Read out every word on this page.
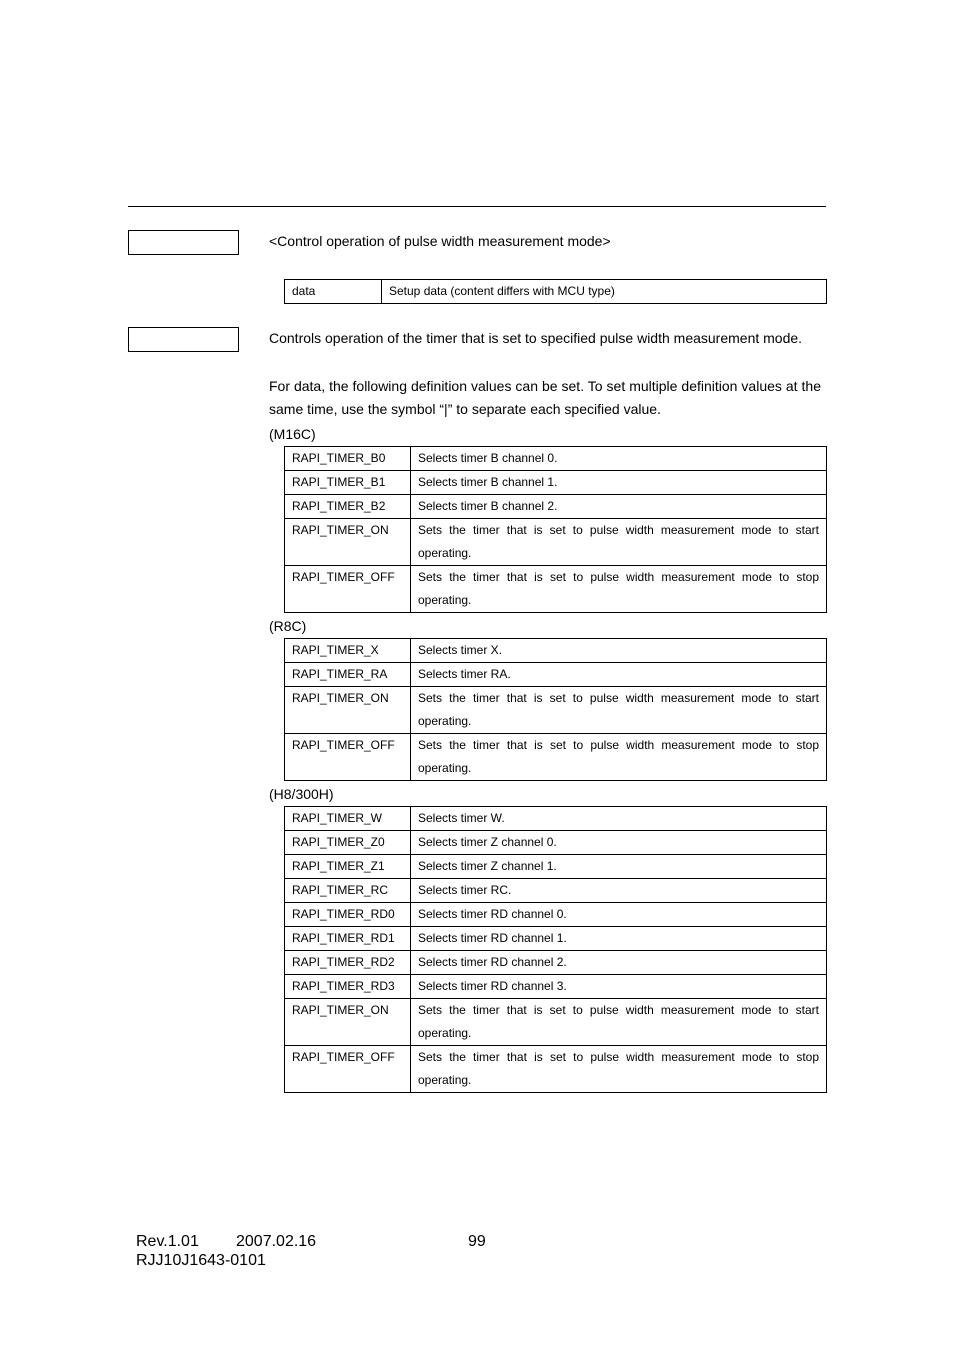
<Control operation of pulse width measurement mode>
data	Setup data (content differs with MCU type)
Controls operation of the timer that is set to specified pulse width measurement mode.
For data, the following definition values can be set. To set multiple definition values at the same time, use the symbol “|” to separate each specified value.
(M16C)
RAPI_TIMER_B0	Selects timer B channel 0.
RAPI_TIMER_B1	Selects timer B channel 1.
RAPI_TIMER_B2	Selects timer B channel 2.
RAPI_TIMER_ON	Sets the timer that is set to pulse width measurement mode to start operating.
RAPI_TIMER_OFF	Sets the timer that is set to pulse width measurement mode to stop operating.
(R8C)
RAPI_TIMER_X	Selects timer X.
RAPI_TIMER_RA	Selects timer RA.
RAPI_TIMER_ON	Sets the timer that is set to pulse width measurement mode to start operating.
RAPI_TIMER_OFF	Sets the timer that is set to pulse width measurement mode to stop operating.
(H8/300H)
RAPI_TIMER_W	Selects timer W.
RAPI_TIMER_Z0	Selects timer Z channel 0.
RAPI_TIMER_Z1	Selects timer Z channel 1.
RAPI_TIMER_RC	Selects timer RC.
RAPI_TIMER_RD0	Selects timer RD channel 0.
RAPI_TIMER_RD1	Selects timer RD channel 1.
RAPI_TIMER_RD2	Selects timer RD channel 2.
RAPI_TIMER_RD3	Selects timer RD channel 3.
RAPI_TIMER_ON	Sets the timer that is set to pulse width measurement mode to start operating.
RAPI_TIMER_OFF	Sets the timer that is set to pulse width measurement mode to stop operating.
Rev.1.01 2007.02.16	99
RJJ10J1643-0101
